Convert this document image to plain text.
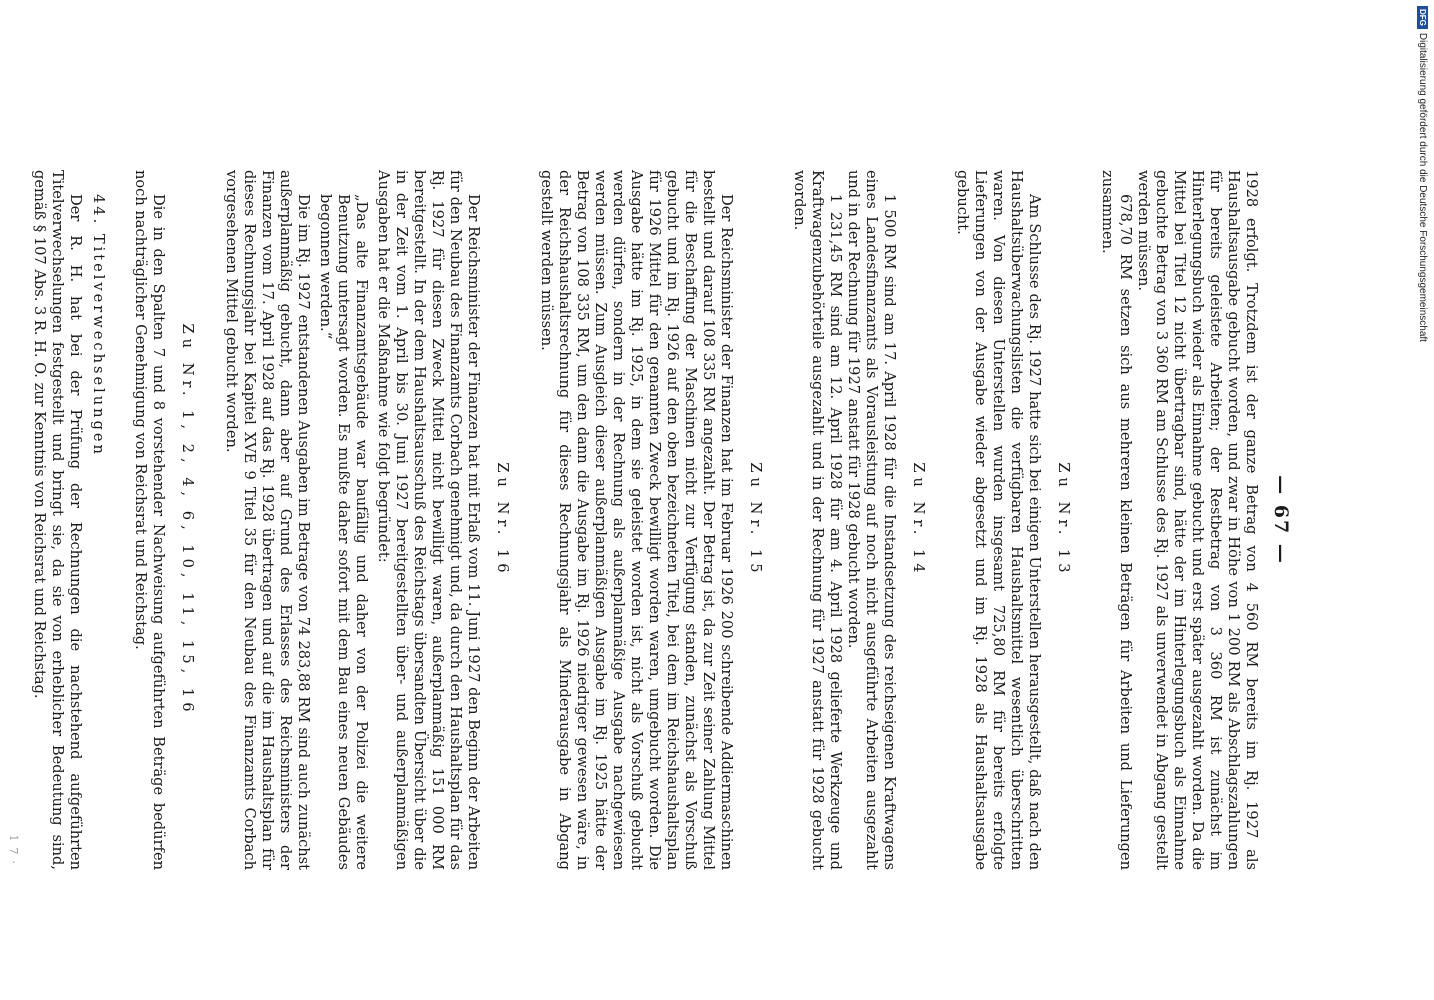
— 67 —

1928 erfolgt. Trotzdem ist der ganze Betrag von 4 560 RM bereits im Rj. 1927 als Haushaltsausgabe gebucht worden, und zwar in Höhe von 1 200 RM als Abschlagszahlungen für bereits geleistete Arbeiten; der Restbetrag von 3 360 RM ist zunächst im Hinterlegungsbuch wieder als Einnahme gebucht und erst später ausgezahlt worden. Da die Mittel bei Titel 12 nicht übertragbar sind, hätte der im Hinterlegungsbuch als Einnahme gebuchte Betrag von 3 360 RM am Schlusse des Rj. 1927 als unverwendet in Abgang gestellt werden müssen.

678,70 RM setzen sich aus mehreren kleinen Beträgen für Arbeiten und Lieferungen zusammen.

Zu Nr. 13

Am Schlusse des Rj. 1927 hatte sich bei einigen Unterstellen herausgestellt, daß nach den Haushaltsüberwachungslisten die verfügbaren Haushaltsmittel wesentlich überschritten waren. Von diesen Unterstellen wurden insgesamt 725,80 RM für bereits erfolgte Lieferungen von der Ausgabe wieder abgesetzt und im Rj. 1928 als Haushaltsausgabe gebucht.

Zu Nr. 14

1 500 RM sind am 17. April 1928 für die Instandsetzung des reichseigenen Kraftwagens eines Landesfinanzamts als Vorausleistung auf noch nicht ausgeführte Arbeiten ausgezahlt und in der Rechnung für 1927 anstatt für 1928 gebucht worden.

1 231,45 RM sind am 12. April 1928 für am 4. April 1928 gelieferte Werkzeuge und Kraftwagenzubehörteile ausgezahlt und in der Rechnung für 1927 anstatt für 1928 gebucht worden.

Zu Nr. 15

Der Reichsminister der Finanzen hat im Februar 1926 200 schreibende Addiermaschinen bestellt und darauf 108 335 RM angezahlt. Der Betrag ist, da zur Zeit seiner Zahlung Mittel für die Beschaffung der Maschinen nicht zur Verfügung standen, zunächst als Vorschuß gebucht und im Rj. 1926 auf den oben bezeichneten Titel, bei dem im Reichshaushaltsplan für 1926 Mittel für den genannten Zweck bewilligt worden waren, umgebucht worden. Die Ausgabe hätte im Rj. 1925, in dem sie geleistet worden ist, nicht als Vorschuß gebucht werden dürfen, sondern in der Rechnung als außerplanmäßige Ausgabe nachgewiesen werden müssen. Zum Ausgleich dieser außerplanmäßigen Ausgabe im Rj. 1925 hätte der Betrag von 108 335 RM, um den dann die Ausgabe im Rj. 1926 niedriger gewesen wäre, in der Reichshaushaltsrechnung für dieses Rechnungsjahr als Minderausgabe in Abgang gestellt werden müssen.

Zu Nr. 16

Der Reichsminister der Finanzen hat mit Erlaß vom 11. Juni 1927 den Beginn der Arbeiten für den Neubau des Finanzamts Corbach genehmigt und, da durch den Haushaltsplan für das Rj. 1927 für diesen Zweck Mittel nicht bewilligt waren, außerplanmäßig 151 000 RM bereitgestellt. In der dem Haushaltsausschuß des Reichstags übersandten Übersicht über die in der Zeit vom 1. April bis 30. Juni 1927 bereitgestellten über- und außerplanmäßigen Ausgaben hat er die Maßnahme wie folgt begründet:

„Das alte Finanzamtsgebäude war baufällig und daher von der Polizei die weitere Benutzung untersagt worden. Es mußte daher sofort mit dem Bau eines neuen Gebäudes begonnen werden.“

Die im Rj. 1927 entstandenen Ausgaben im Betrage von 74 283,88 RM sind auch zunächst außerplanmäßig gebucht, dann aber auf Grund des Erlasses des Reichsministers der Finanzen vom 17. April 1928 auf das Rj. 1928 übertragen und auf die im Haushaltsplan für dieses Rechnungsjahr bei Kapitel XVE 9 Titel 35 für den Neubau des Finanzamts Corbach vorgesehenen Mittel gebucht worden.

Zu Nr. 1, 2, 4, 6, 10, 11, 15, 16

Die in den Spalten 7 und 8 vorstehender Nachweisung aufgeführten Beträge bedürfen noch nachträglicher Genehmigung von Reichsrat und Reichstag.

44. Titelverwechselungen

Der R. H. hat bei der Prüfung der Rechnungen die nachstehend aufgeführten Titelverwechselungen festgestellt und bringt sie, da sie von erheblicher Bedeutung sind, gemäß § 107 Abs. 3 R. H. O. zur Kenntnis von Reichsrat und Reichstag.

17·
DFGDigitalisierung gefördert durch die Deutsche Forschungsgemeinschaft
